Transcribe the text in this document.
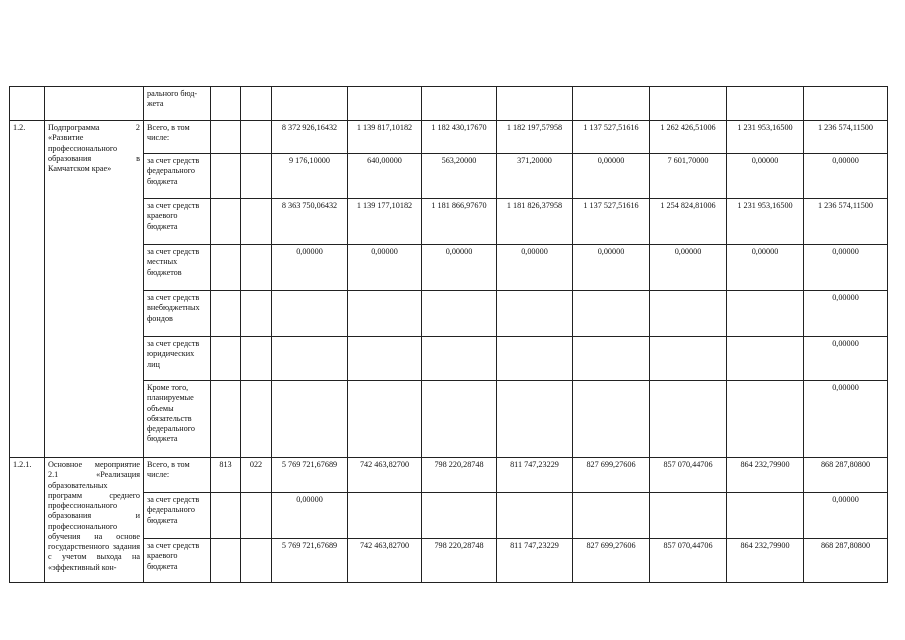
		рального бюд-
жета										
1.2.	Подпрограмма 2 «Развитие профессионального образования в Камчатском крае»	Всего, в том числе:			8 372 926,16432	1 139 817,10182	1 182 430,17670	1 182 197,57958	1 137 527,51616	1 262 426,51006	1 231 953,16500	1 236 574,11500
		за счет средств федерального бюджета			9 176,10000	640,00000	563,20000	371,20000	0,00000	7 601,70000	0,00000	0,00000
		за счет средств краевого бюджета			8 363 750,06432	1 139 177,10182	1 181 866,97670	1 181 826,37958	1 137 527,51616	1 254 824,81006	1 231 953,16500	1 236 574,11500
		за счет средств местных бюджетов			0,00000	0,00000	0,00000	0,00000	0,00000	0,00000	0,00000	0,00000
		за счет средств внебюджетных фондов										0,00000
		за счет средств юридических лиц										0,00000
		Кроме того, планируемые объемы обязательств федерального бюджета										0,00000
1.2.1.	Основное мероприятие 2.1 «Реализация образовательных программ среднего профессионального образования и профессионального обучения на основе государственного задания с учетом выхода на «эффективный кон-	Всего, в том числе:	813	022	5 769 721,67689	742 463,82700	798 220,28748	811 747,23229	827 699,27606	857 070,44706	864 232,79900	868 287,80800
		за счет средств федерального бюджета			0,00000							0,00000
		за счет средств краевого бюджета			5 769 721,67689	742 463,82700	798 220,28748	811 747,23229	827 699,27606	857 070,44706	864 232,79900	868 287,80800
